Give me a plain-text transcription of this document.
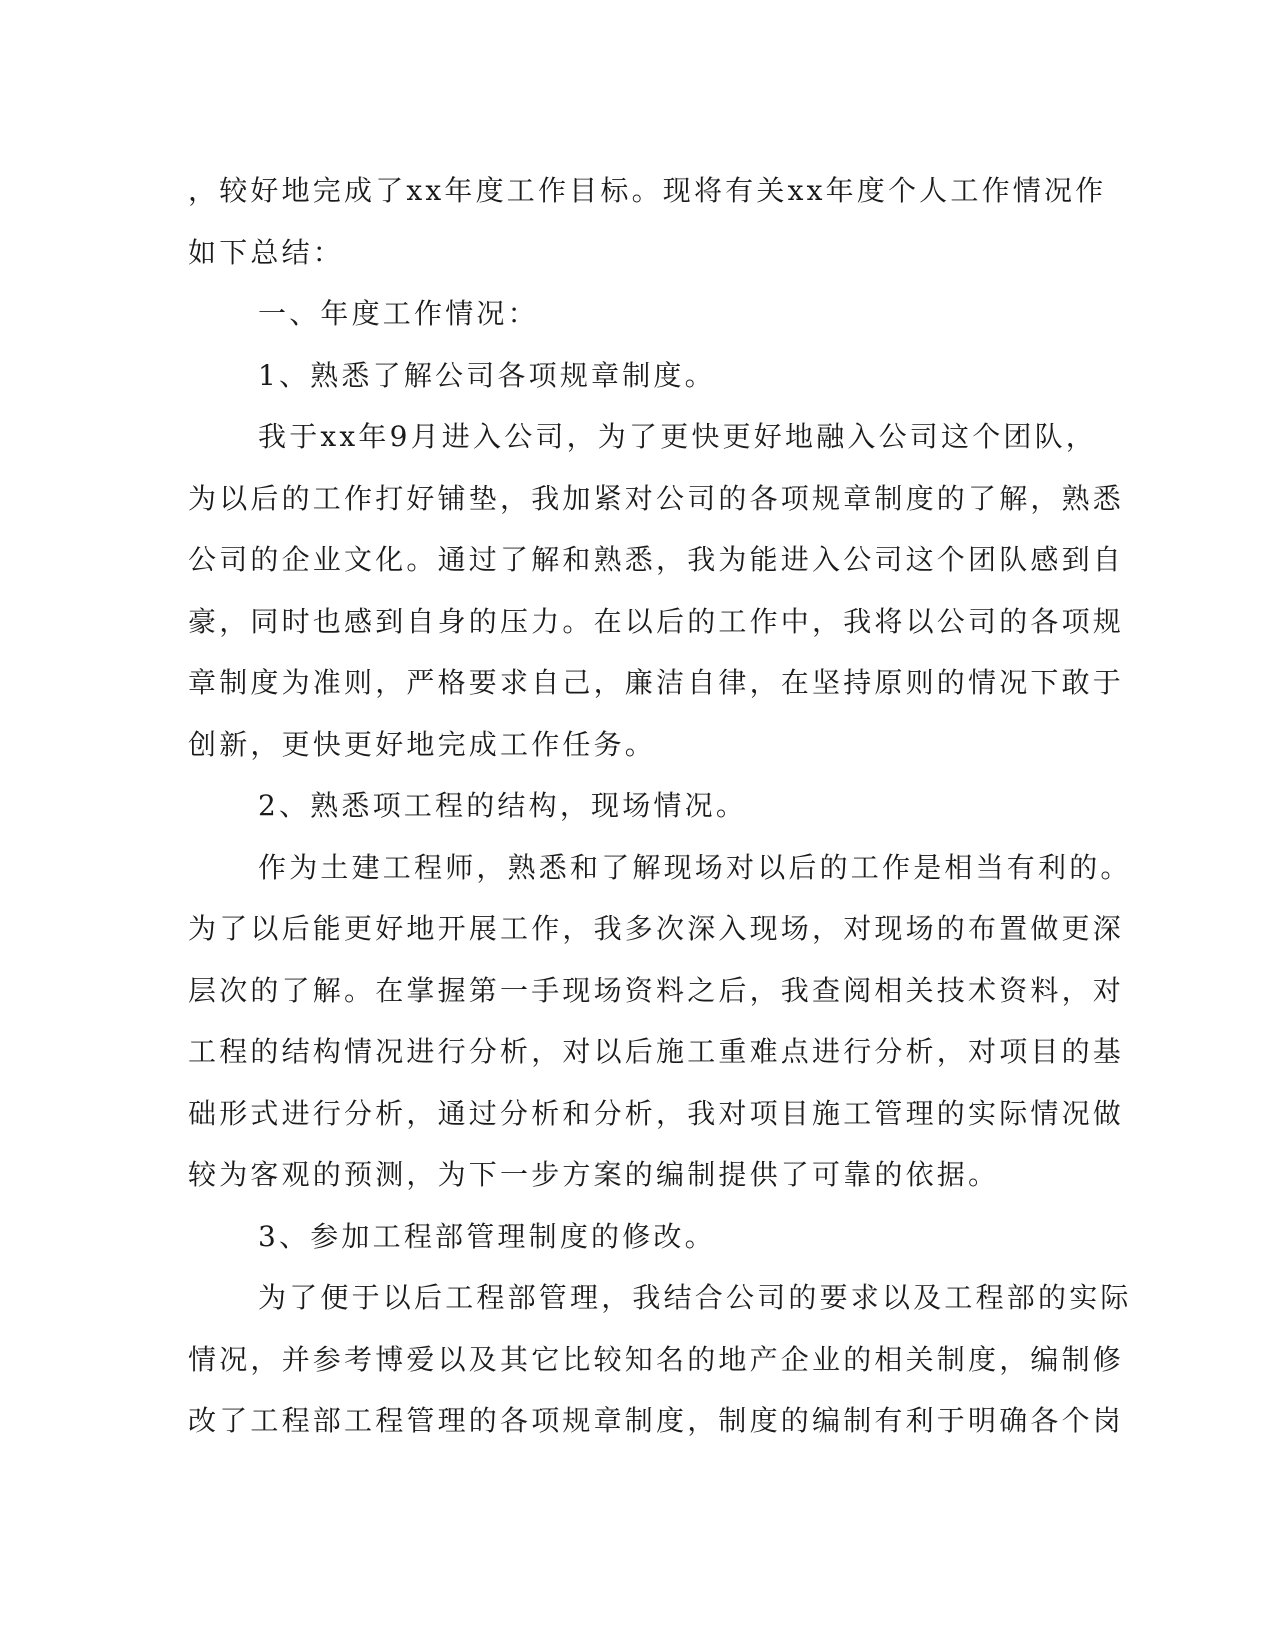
，较好地完成了xx年度工作目标。现将有关xx年度个人工作情况作
如下总结：
一、年度工作情况：
1、熟悉了解公司各项规章制度。
我于xx年9月进入公司，为了更快更好地融入公司这个团队，
为以后的工作打好铺垫，我加紧对公司的各项规章制度的了解，熟悉
公司的企业文化。通过了解和熟悉，我为能进入公司这个团队感到自
豪，同时也感到自身的压力。在以后的工作中，我将以公司的各项规
章制度为准则，严格要求自己，廉洁自律，在坚持原则的情况下敢于
创新，更快更好地完成工作任务。
2、熟悉项工程的结构，现场情况。
作为土建工程师，熟悉和了解现场对以后的工作是相当有利的。
为了以后能更好地开展工作，我多次深入现场，对现场的布置做更深
层次的了解。在掌握第一手现场资料之后，我查阅相关技术资料，对
工程的结构情况进行分析，对以后施工重难点进行分析，对项目的基
础形式进行分析，通过分析和分析，我对项目施工管理的实际情况做
较为客观的预测，为下一步方案的编制提供了可靠的依据。
3、参加工程部管理制度的修改。
为了便于以后工程部管理，我结合公司的要求以及工程部的实际
情况，并参考博爱以及其它比较知名的地产企业的相关制度，编制修
改了工程部工程管理的各项规章制度，制度的编制有利于明确各个岗
